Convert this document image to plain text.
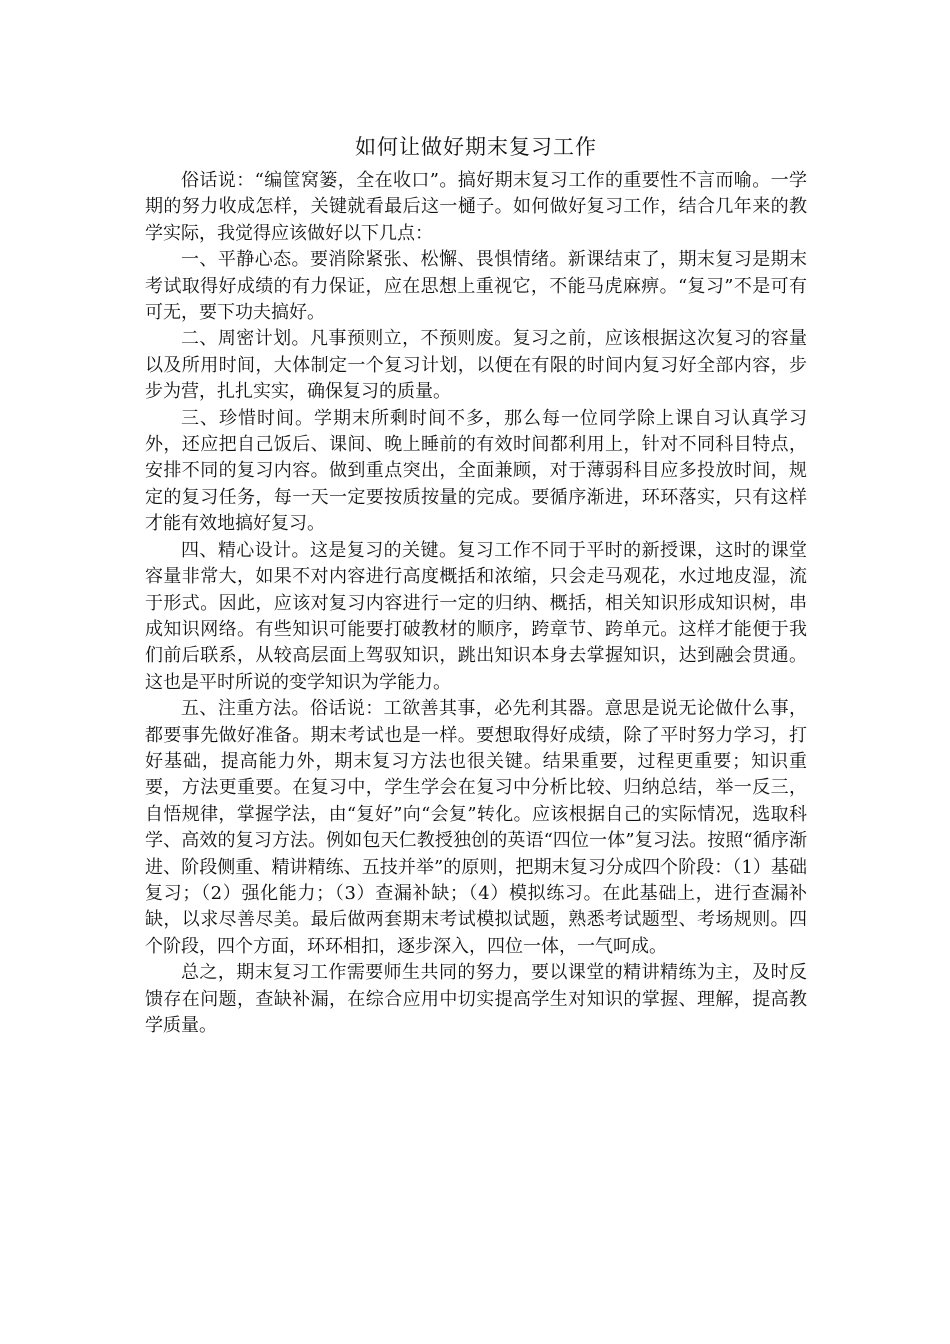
如何让做好期末复习工作

俗话说：“编筐窝篓，全在收口”。搞好期末复习工作的重要性不言而喻。一学期的努力收成怎样，关键就看最后这一樋子。如何做好复习工作，结合几年来的教学实际，我觉得应该做好以下几点：

一、平静心态。要消除紧张、松懈、畏惧情绪。新课结束了，期末复习是期末考试取得好成绩的有力保证，应在思想上重视它，不能马虎麻痹。“复习”不是可有可无，要下功夫搞好。

二、周密计划。凡事预则立，不预则废。复习之前，应该根据这次复习的容量以及所用时间，大体制定一个复习计划，以便在有限的时间内复习好全部内容，步步为营，扎扎实实，确保复习的质量。

三、珍惜时间。学期末所剩时间不多，那么每一位同学除上课自习认真学习外，还应把自己饭后、课间、晚上睡前的有效时间都利用上，针对不同科目特点，安排不同的复习内容。做到重点突出，全面兼顾，对于薄弱科目应多投放时间，规定的复习任务，每一天一定要按质按量的完成。要循序渐进，环环落实，只有这样才能有效地搞好复习。

四、精心设计。这是复习的关键。复习工作不同于平时的新授课，这时的课堂容量非常大，如果不对内容进行高度概括和浓缩，只会走马观花，水过地皮湿，流于形式。因此，应该对复习内容进行一定的归纳、概括，相关知识形成知识树，串成知识网络。有些知识可能要打破教材的顺序，跨章节、跨单元。这样才能便于我们前后联系，从较高层面上驾驭知识，跳出知识本身去掌握知识，达到融会贯通。这也是平时所说的变学知识为学能力。

五、注重方法。俗话说：工欲善其事，必先利其器。意思是说无论做什么事，都要事先做好准备。期末考试也是一样。要想取得好成绩，除了平时努力学习，打好基础，提高能力外，期末复习方法也很关键。结果重要，过程更重要；知识重要，方法更重要。在复习中，学生学会在复习中分析比较、归纳总结，举一反三，自悟规律，掌握学法，由“复好”向“会复”转化。应该根据自己的实际情况，选取科学、高效的复习方法。例如包天仁教授独创的英语“四位一体”复习法。按照“循序渐进、阶段侧重、精讲精练、五技并举”的原则，把期末复习分成四个阶段：（1）基础复习；（2）强化能力；（3）查漏补缺；（4）模拟练习。在此基础上，进行查漏补缺，以求尽善尽美。最后做两套期末考试模拟试题，熟悉考试题型、考场规则。四个阶段，四个方面，环环相扣，逐步深入，四位一体，一气呵成。

总之，期末复习工作需要师生共同的努力，要以课堂的精讲精练为主，及时反馈存在问题，查缺补漏，在综合应用中切实提高学生对知识的掌握、理解，提高教学质量。
